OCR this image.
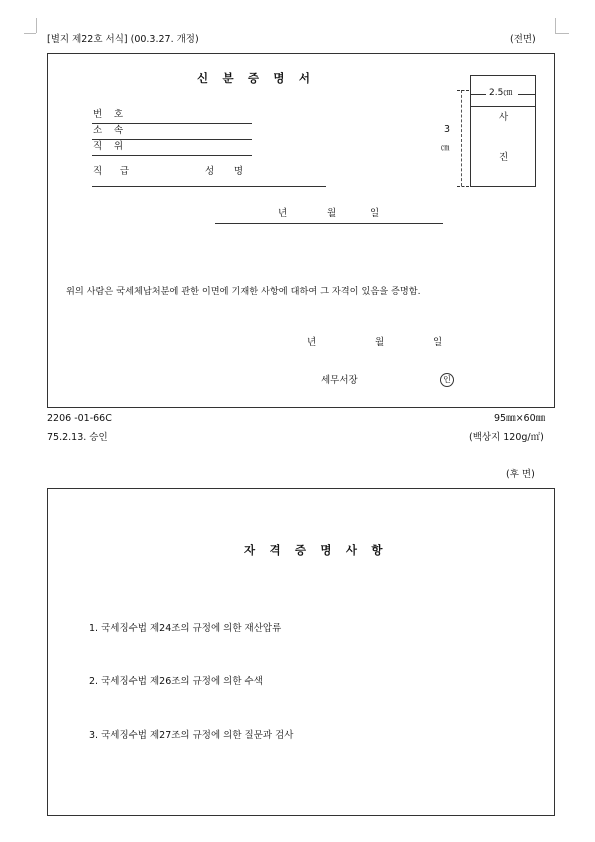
[별지 제22호 서식] (00.3.27. 개정)	(전면)
신 분 증 명 서
번 호
소 속
직 위
직 급	성 명
2.5㎝
사
진
3
㎝
년	월	일
위의 사람은 국세체납처분에 관한 이면에 기재한 사항에 대하여 그 자격이 있음을 증명함.
년	월	일
세무서장	인
2206 -01-66C	95㎜×60㎜
75.2.13. 승인	(백상지 120g/㎡)
(후 면)
자 격 증 명 사 항
1. 국세징수법 제24조의 규정에 의한 재산압류
2. 국세징수법 제26조의 규정에 의한 수색
3. 국세징수법 제27조의 규정에 의한 질문과 검사
